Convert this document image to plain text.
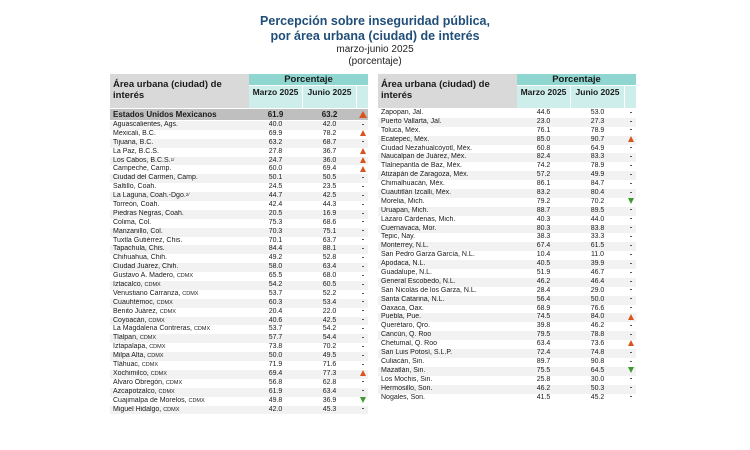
Percepción sobre inseguridad pública,
por área urbana (ciudad) de interés
marzo-junio 2025
(porcentaje)
Área urbana (ciudad) de interés
Porcentaje
Marzo 2025	Junio 2025
Estados Unidos Mexicanos	61.9	63.2
Aguascalientes, Ags.	40.0	42.0
Mexicali, B.C.	69.9	78.2
Tijuana, B.C.	63.2	68.7
La Paz, B.C.S.	27.8	36.7
Los Cabos, B.C.S.$^{1/}$	24.7	36.0
Campeche, Camp.	60.0	69.4
Ciudad del Carmen, Camp.	50.1	50.5
Saltillo, Coah.	24.5	23.5
La Laguna, Coah.-Dgo.$^{2/}$	44.7	42.5
Torreón, Coah.	42.4	44.3
Piedras Negras, Coah.	20.5	16.9
Colima, Col.	75.3	68.6
Manzanillo, Col.	70.3	75.1
Tuxtla Gutiérrez, Chis.	70.1	63.7
Tapachula, Chis.	84.4	88.1
Chihuahua, Chih.	49.2	52.8
Ciudad Juárez, Chih.	58.0	63.4
Gustavo A. Madero, CDMX	65.5	68.0
Iztacalco, CDMX	54.2	60.5
Venustiano Carranza, CDMX	53.7	52.2
Cuauhtémoc, CDMX	60.3	53.4
Benito Juárez, CDMX	20.4	22.0
Coyoacán, CDMX	40.6	42.5
La Magdalena Contreras, CDMX	53.7	54.2
Tlalpan, CDMX	57.7	54.4
Iztapalapa, CDMX	73.8	70.2
Milpa Alta, CDMX	50.0	49.5
Tláhuac, CDMX	71.9	71.6
Xochimilco, CDMX	69.4	77.3
Álvaro Obregón, CDMX	56.8	62.8
Azcapotzalco, CDMX	61.9	63.4
Cuajimalpa de Morelos, CDMX	49.8	36.9
Miguel Hidalgo, CDMX	42.0	45.3
Área urbana (ciudad) de interés
Porcentaje
Marzo 2025	Junio 2025
Zapopan, Jal.	44.6	53.0
Puerto Vallarta, Jal.	23.0	27.3
Toluca, Méx.	76.1	78.9
Ecatepec, Méx.	85.0	90.7
Ciudad Nezahualcóyotl, Méx.	60.8	64.9
Naucalpan de Juárez, Méx.	82.4	83.3
Tlalnepantla de Baz, Méx.	74.2	78.9
Atizapán de Zaragoza, Méx.	57.2	49.9
Chimalhuacán, Méx.	86.1	84.7
Cuautitlán Izcalli, Méx.	83.2	80.4
Morelia, Mich.	79.2	70.2
Uruapan, Mich.	88.7	89.5
Lázaro Cárdenas, Mich.	40.3	44.0
Cuernavaca, Mor.	80.3	83.8
Tepic, Nay.	38.3	33.3
Monterrey, N.L.	67.4	61.5
San Pedro Garza García, N.L.	10.4	11.0
Apodaca, N.L.	40.5	39.9
Guadalupe, N.L.	51.9	46.7
General Escobedo, N.L.	46.2	46.4
San Nicolás de los Garza, N.L.	28.4	29.0
Santa Catarina, N.L.	56.4	50.0
Oaxaca, Oax.	68.9	76.6
Puebla, Pue.	74.5	84.0
Querétaro, Qro.	39.8	46.2
Cancún, Q. Roo	79.5	78.8
Chetumal, Q. Roo	63.4	73.6
San Luis Potosí, S.L.P.	72.4	74.8
Culiacán, Sin.	89.7	90.8
Mazatlán, Sin.	75.5	64.5
Los Mochis, Sin.	25.8	30.0
Hermosillo, Son.	46.2	50.3
Nogales, Son.	41.5	45.2
